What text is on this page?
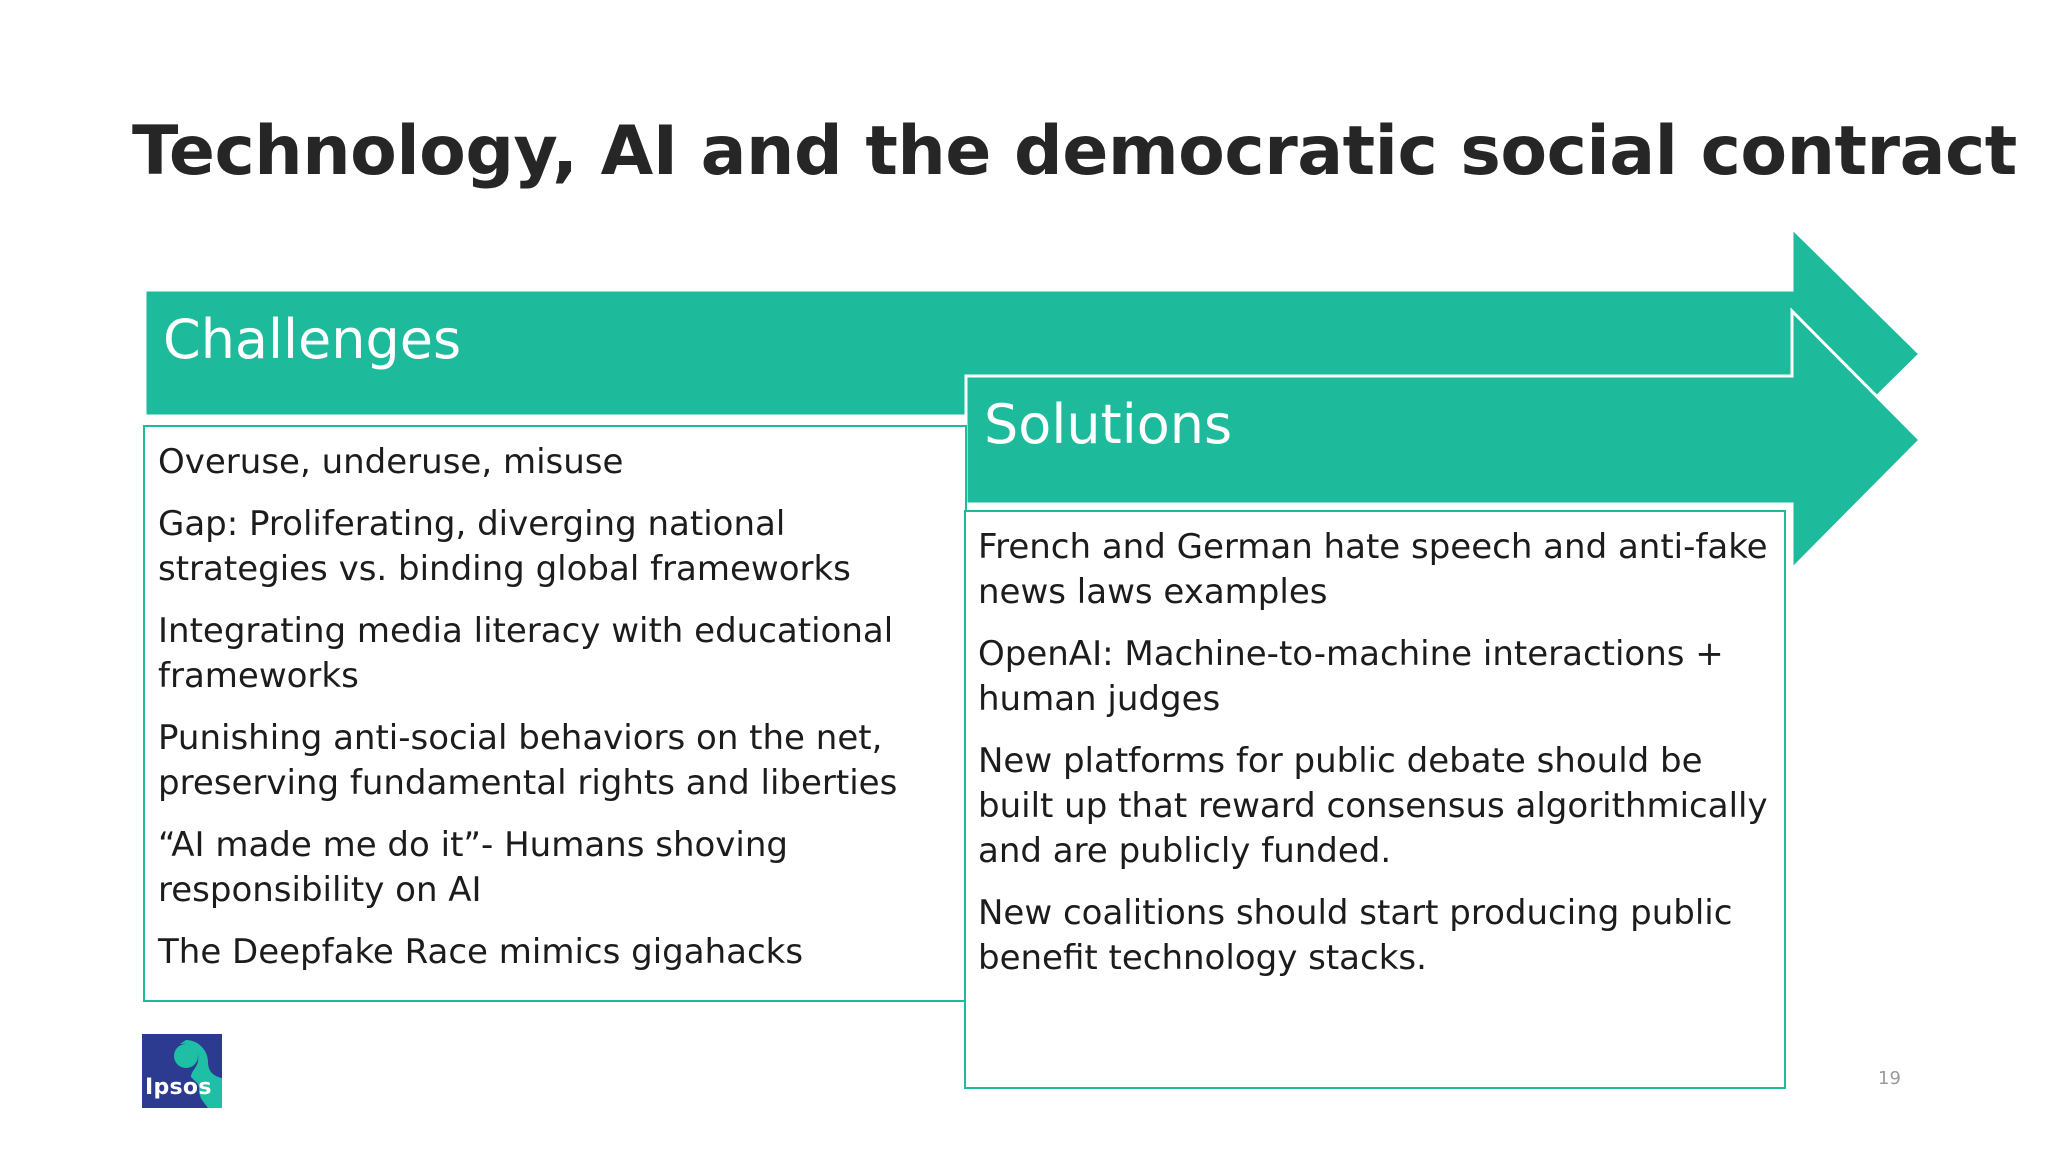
Technology, AI and the democratic social contract
Challenges
Overuse, underuse, misuse
Gap: Proliferating, diverging national strategies vs. binding global frameworks
Integrating media literacy with educational frameworks
Punishing anti-social behaviors on the net, preserving fundamental rights and liberties
“AI made me do it”- Humans shoving responsibility on AI
The Deepfake Race mimics gigahacks
Solutions
French and German hate speech and anti-fake news laws examples
OpenAI: Machine-to-machine interactions + human judges
New platforms for public debate should be built up that reward consensus algorithmically and are publicly funded.
New coalitions should start producing public benefit technology stacks.
Ipsos	19
